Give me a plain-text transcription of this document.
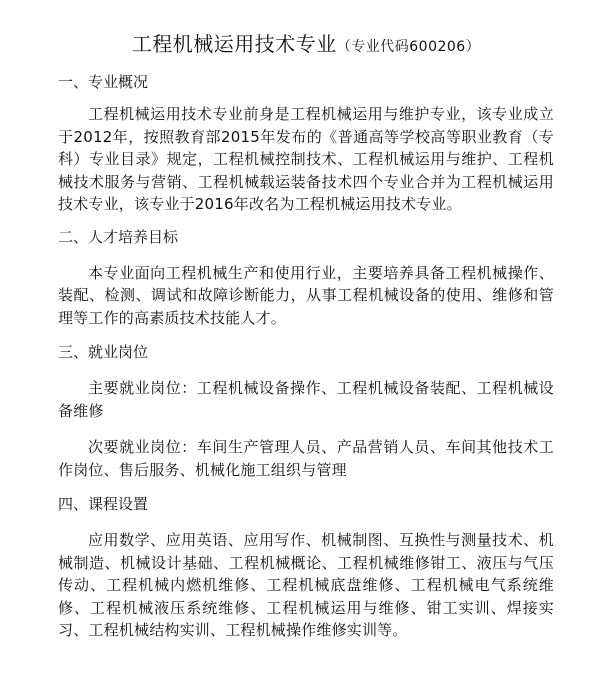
工程机械运用技术专业（专业代码600206）
一、专业概况

工程机械运用技术专业前身是工程机械运用与维护专业，该专业成立于2012年，按照教育部2015年发布的《普通高等学校高等职业教育（专科）专业目录》规定，工程机械控制技术、工程机械运用与维护、工程机械技术服务与营销、工程机械载运装备技术四个专业合并为工程机械运用技术专业，该专业于2016年改名为工程机械运用技术专业。

二、人才培养目标

本专业面向工程机械生产和使用行业，主要培养具备工程机械操作、装配、检测、调试和故障诊断能力，从事工程机械设备的使用、维修和管理等工作的高素质技术技能人才。

三、就业岗位

主要就业岗位：工程机械设备操作、工程机械设备装配、工程机械设备维修

次要就业岗位：车间生产管理人员、产品营销人员、车间其他技术工作岗位、售后服务、机械化施工组织与管理

四、课程设置

应用数学、应用英语、应用写作、机械制图、互换性与测量技术、机械制造、机械设计基础、工程机械概论、工程机械维修钳工、液压与气压传动、工程机械内燃机维修、工程机械底盘维修、工程机械电气系统维修、工程机械液压系统维修、工程机械运用与维修、钳工实训、焊接实习、工程机械结构实训、工程机械操作维修实训等。
